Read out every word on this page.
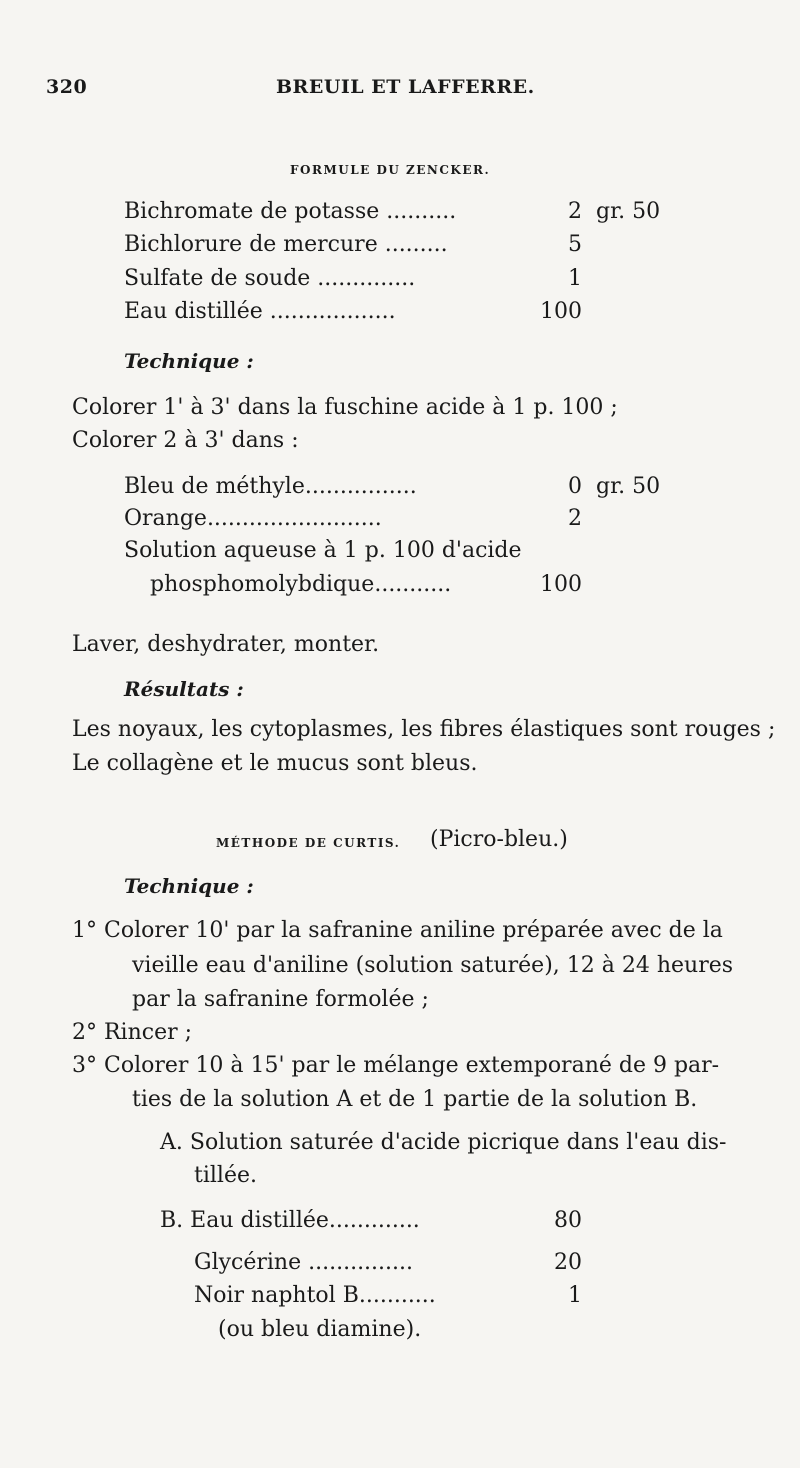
320	BREUIL ET LAFFERRE.
FORMULE DU ZENCKER.
Bichromate de potasse ..........	2 gr. 50
Bichlorure de mercure .........	5
Sulfate de soude ..............	1
Eau distillée ..................	100
Technique :
Colorer 1' à 3' dans la fuschine acide à 1 p. 100 ;
Colorer 2 à 3' dans :
Bleu de méthyle................	0 gr. 50
Orange.........................	2
Solution aqueuse à 1 p. 100 d'acide
phosphomolybdique...........	100
Laver, deshydrater, monter.
Résultats :
Les noyaux, les cytoplasmes, les fibres élastiques sont rouges ;
Le collagène et le mucus sont bleus.
MÉTHODE DE CURTIS. (Picro-bleu.)
Technique :
1° Colorer 10' par la safranine aniline préparée avec de la
vieille eau d'aniline (solution saturée), 12 à 24 heures
par la safranine formolée ;
2° Rincer ;
3° Colorer 10 à 15' par le mélange extemporané de 9 par-
ties de la solution A et de 1 partie de la solution B.
A. Solution saturée d'acide picrique dans l'eau dis-
tillée.
B. Eau distillée.............	80
Glycérine ...............	20
Noir naphtol B...........	1
(ou bleu diamine).
